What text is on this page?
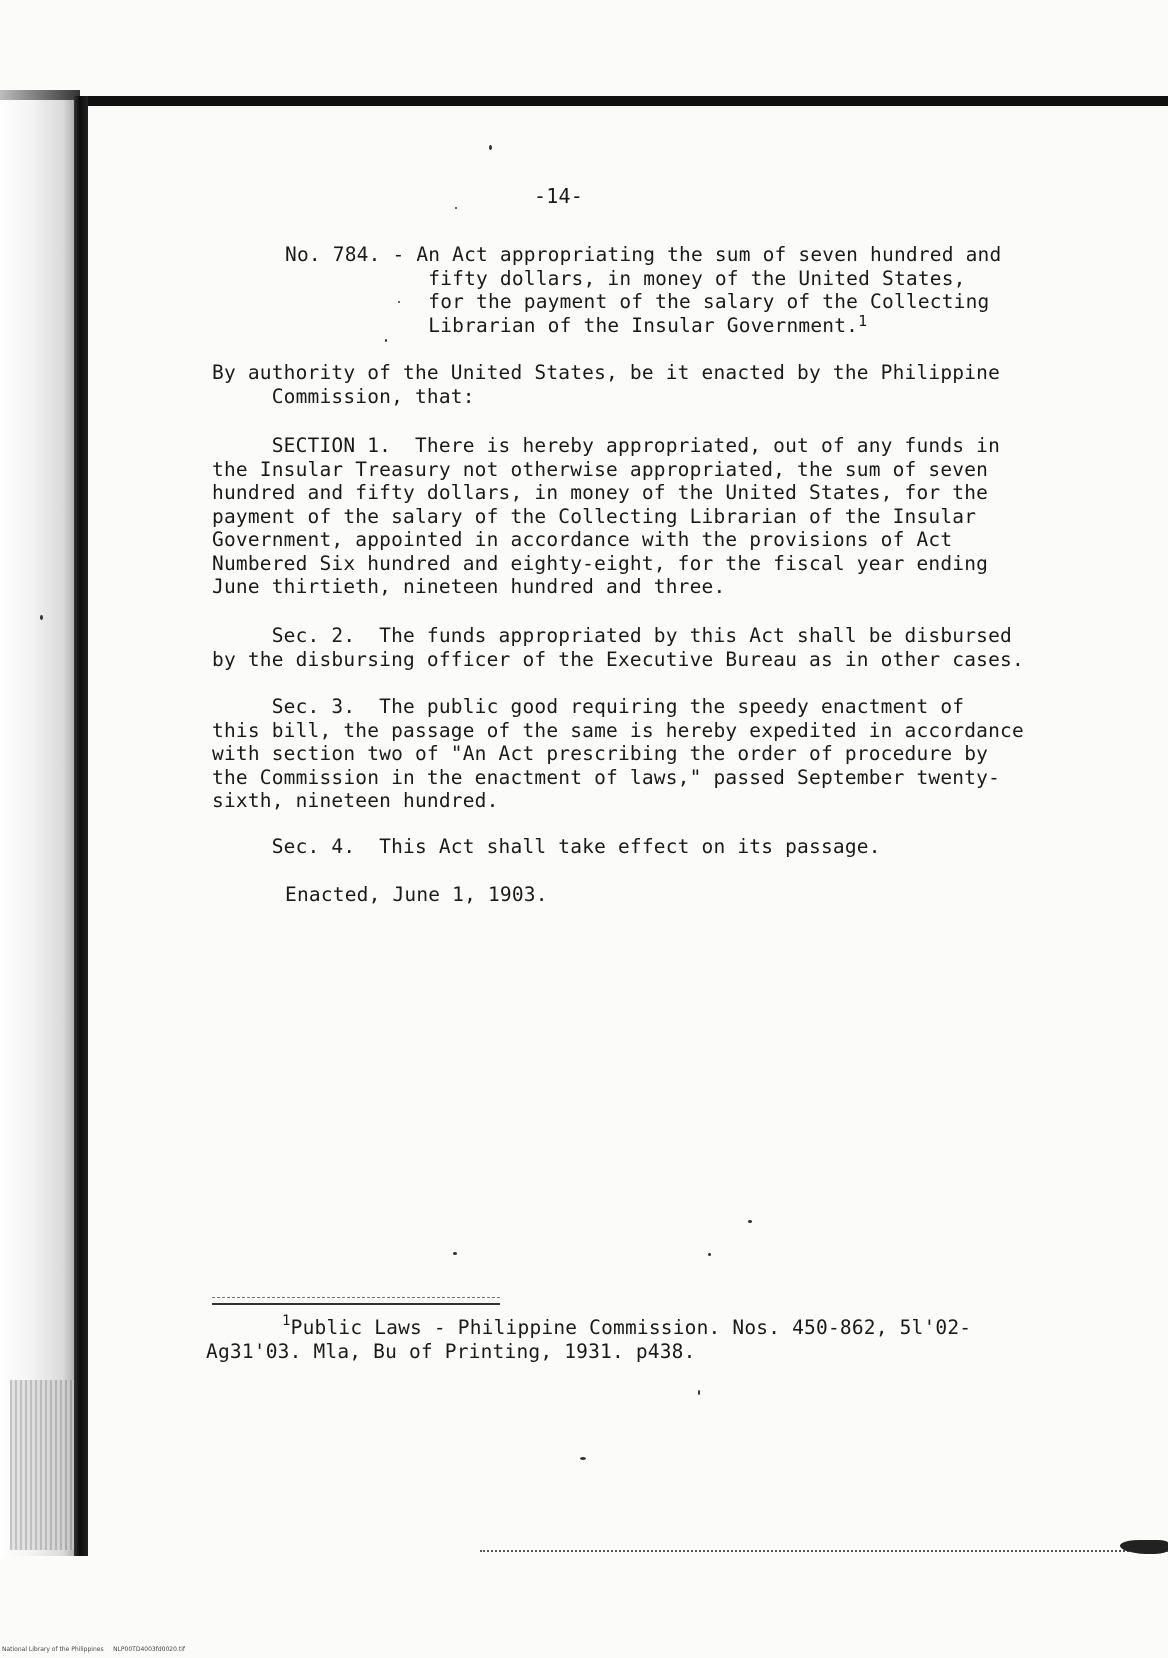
-14-
No. 784. - An Act appropriating the sum of seven hundred and
fifty dollars, in money of the United States,
for the payment of the salary of the Collecting
Librarian of the Insular Government.$^1$
By authority of the United States, be it enacted by the Philippine
Commission, that:
SECTION 1.  There is hereby appropriated, out of any funds in
the Insular Treasury not otherwise appropriated, the sum of seven
hundred and fifty dollars, in money of the United States, for the
payment of the salary of the Collecting Librarian of the Insular
Government, appointed in accordance with the provisions of Act
Numbered Six hundred and eighty-eight, for the fiscal year ending
June thirtieth, nineteen hundred and three.
Sec. 2.  The funds appropriated by this Act shall be disbursed
by the disbursing officer of the Executive Bureau as in other cases.
Sec. 3.  The public good requiring the speedy enactment of
this bill, the passage of the same is hereby expedited in accordance
with section two of "An Act prescribing the order of procedure by
the Commission in the enactment of laws," passed September twenty-
sixth, nineteen hundred.
Sec. 4.  This Act shall take effect on its passage.
Enacted, June 1, 1903.
$^1$Public Laws - Philippine Commission. Nos. 450-862, 5l'02-
Ag31'03. Mla, Bu of Printing, 1931. p438.
National Library of the Philippines     NLP00TD4003fd0020.tif
